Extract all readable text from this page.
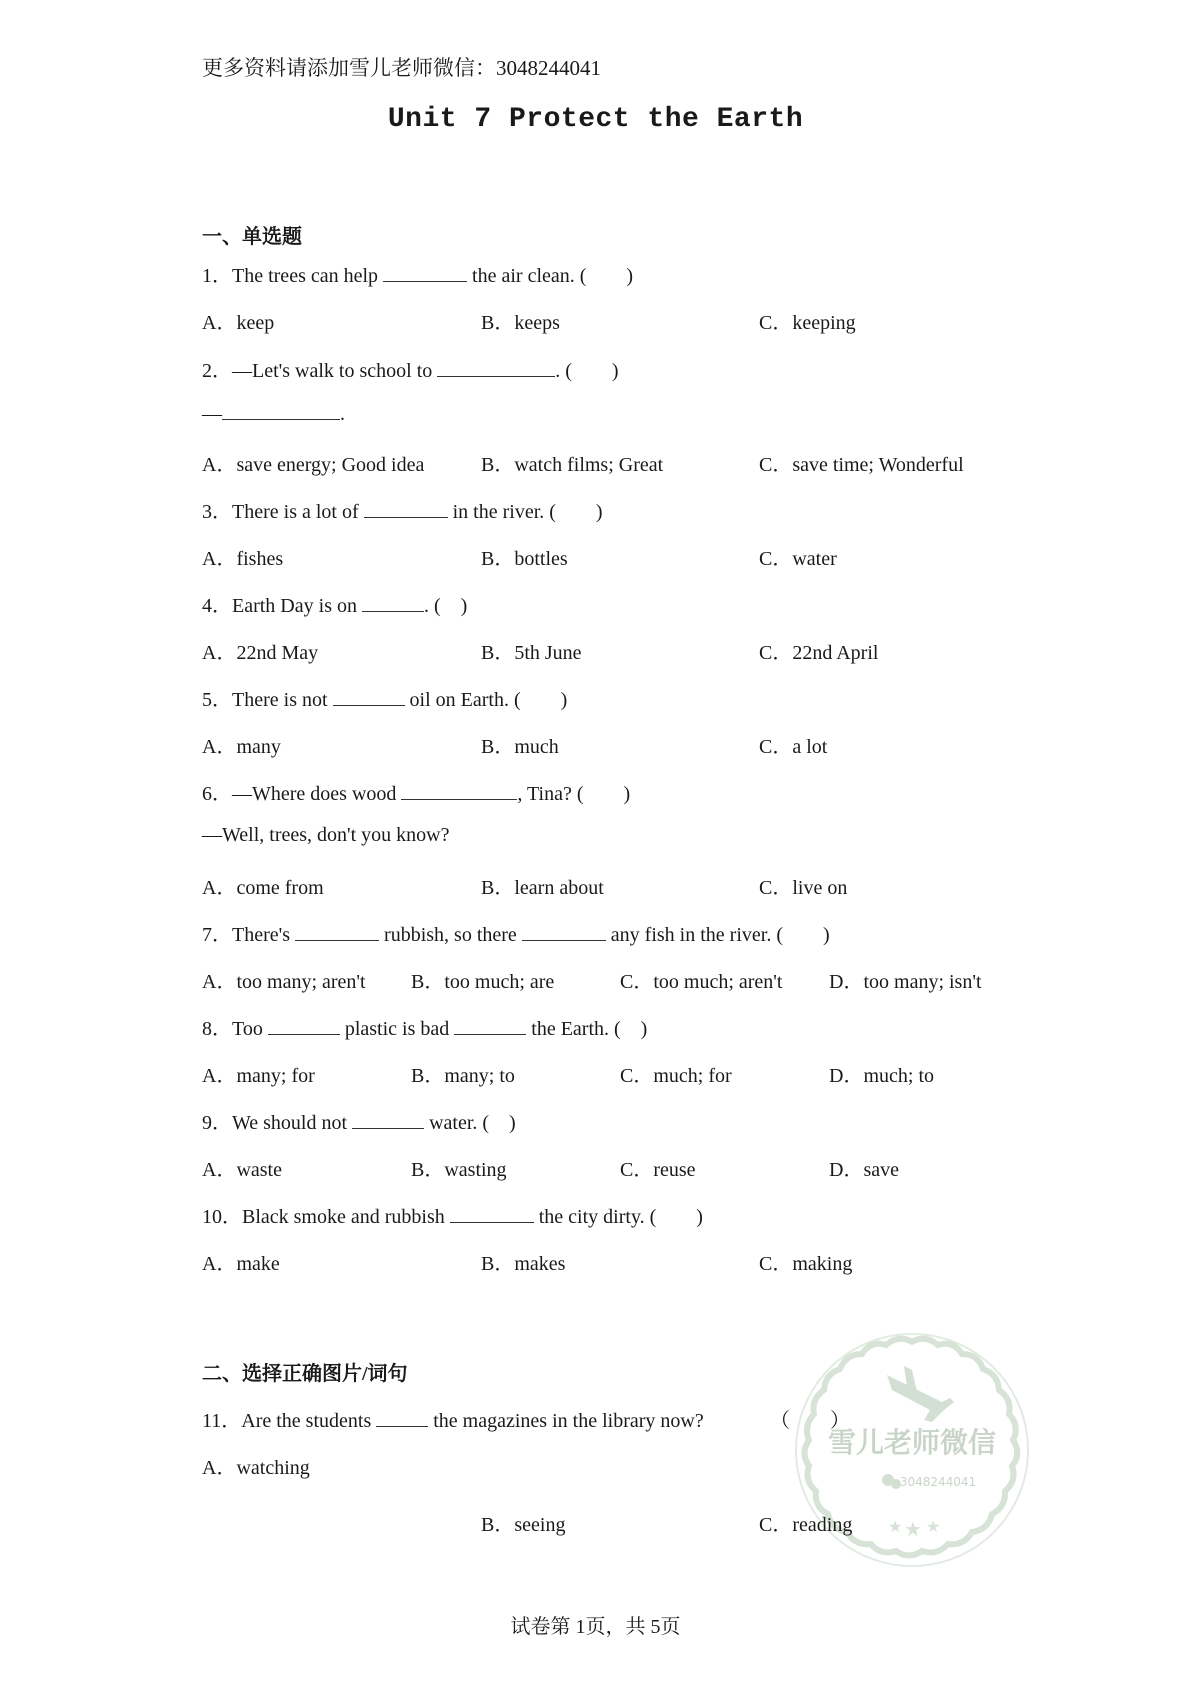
更多资料请添加雪儿老师微信：3048244041
Unit 7 Protect the Earth
一、单选题
1．The trees can help	the air clean. (　　)
A．keep	B．keeps	C．keeping
2．—Let's walk to school to	. (　　)
—	.
A．save energy; Good idea	B．watch films; Great	C．save time; Wonderful
3．There is a lot of	in the river. (　　)
A．fishes	B．bottles	C．water
4．Earth Day is on	. (　)
A．22nd May	B．5th June	C．22nd April
5．There is not	oil on Earth. (　　)
A．many	B．much	C．a lot
6．—Where does wood	, Tina? (　　)
—Well, trees, don't you know?
A．come from	B．learn about	C．live on
7．There's	rubbish, so there	any fish in the river. (　　)
A．too many; aren't B．too much; are	C．too much; aren't D．too many; isn't
8．Too	plastic is bad	the Earth. (　)
A．many; for	B．many; to	C．much; for	D．much; to
9．We should not	water. (　)
A．waste	B．wasting	C．reuse	D．save
10．Black smoke and rubbish	the city dirty. (　　)
A．make	B．makes	C．making
雪儿老师微信
3048244041
★ ★ ★
二、选择正确图片/词句
11．Are the students	the magazines in the library now?	（　　）
A．watching
B．seeing	C．reading
试卷第 1页，共 5页
